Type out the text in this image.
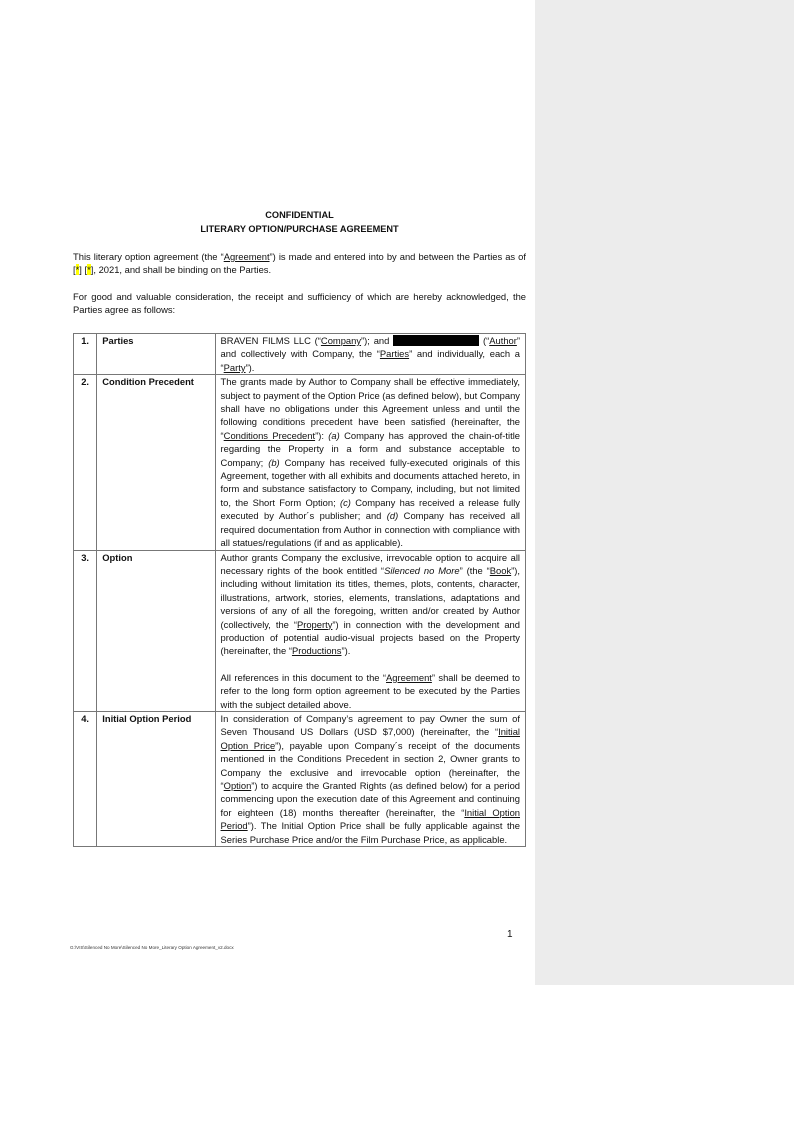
CONFIDENTIAL
LITERARY OPTION/PURCHASE AGREEMENT
This literary option agreement (the “Agreement”) is made and entered into by and between the Parties as of [*] [*], 2021, and shall be binding on the Parties.
For good and valuable consideration, the receipt and sufficiency of which are hereby acknowledged, the Parties agree as follows:
1.	Parties	BRAVEN FILMS LLC (“Company”); and (“Author” and collectively with Company, the “Parties” and individually, each a “Party”).

2.	Condition Precedent	The grants made by Author to Company shall be effective immediately, subject to payment of the Option Price (as defined below), but Company shall have no obligations under this Agreement unless and until the following conditions precedent have been satisfied (hereinafter, the “Conditions Precedent”): (a) Company has approved the chain-of-title regarding the Property in a form and substance acceptable to Company; (b) Company has received fully-executed originals of this Agreement, together with all exhibits and documents attached hereto, in form and substance satisfactory to Company, including, but not limited to, the Short Form Option; (c) Company has received a release fully executed by Author´s publisher; and (d) Company has received all required documentation from Author in connection with compliance with all statues/regulations (if and as applicable).

3.	Option	Author grants Company the exclusive, irrevocable option to acquire all necessary rights of the book entitled “Silenced no More” (the “Book”), including without limitation its titles, themes, plots, contents, character, illustrations, artwork, stories, elements, translations, adaptations and versions of any of all the foregoing, written and/or created by Author (collectively, the “Property”) in connection with the development and production of potential audio-visual projects based on the Property (hereinafter, the “Productions”).
All references in this document to the “Agreement” shall be deemed to refer to the long form option agreement to be executed by the Parties with the subject detailed above.

4.	Initial Option Period	In consideration of Company’s agreement to pay Owner the sum of Seven Thousand US Dollars (USD $7,000) (hereinafter, the “Initial Option Price”), payable upon Company´s receipt of the documents mentioned in the Conditions Precedent in section 2, Owner grants to Company the exclusive and irrevocable option (hereinafter, the “Option”) to acquire the Granted Rights (as defined below) for a period commencing upon the execution date of this Agreement and continuing for eighteen (18) months thereafter (hereinafter, the “Initial Option Period”). The Initial Option Price shall be fully applicable against the Series Purchase Price and/or the Film Purchase Price, as applicable.
1
G:\VIS\Silenced No More\Silenced No More_Literary Option Agreement_v2.docx
